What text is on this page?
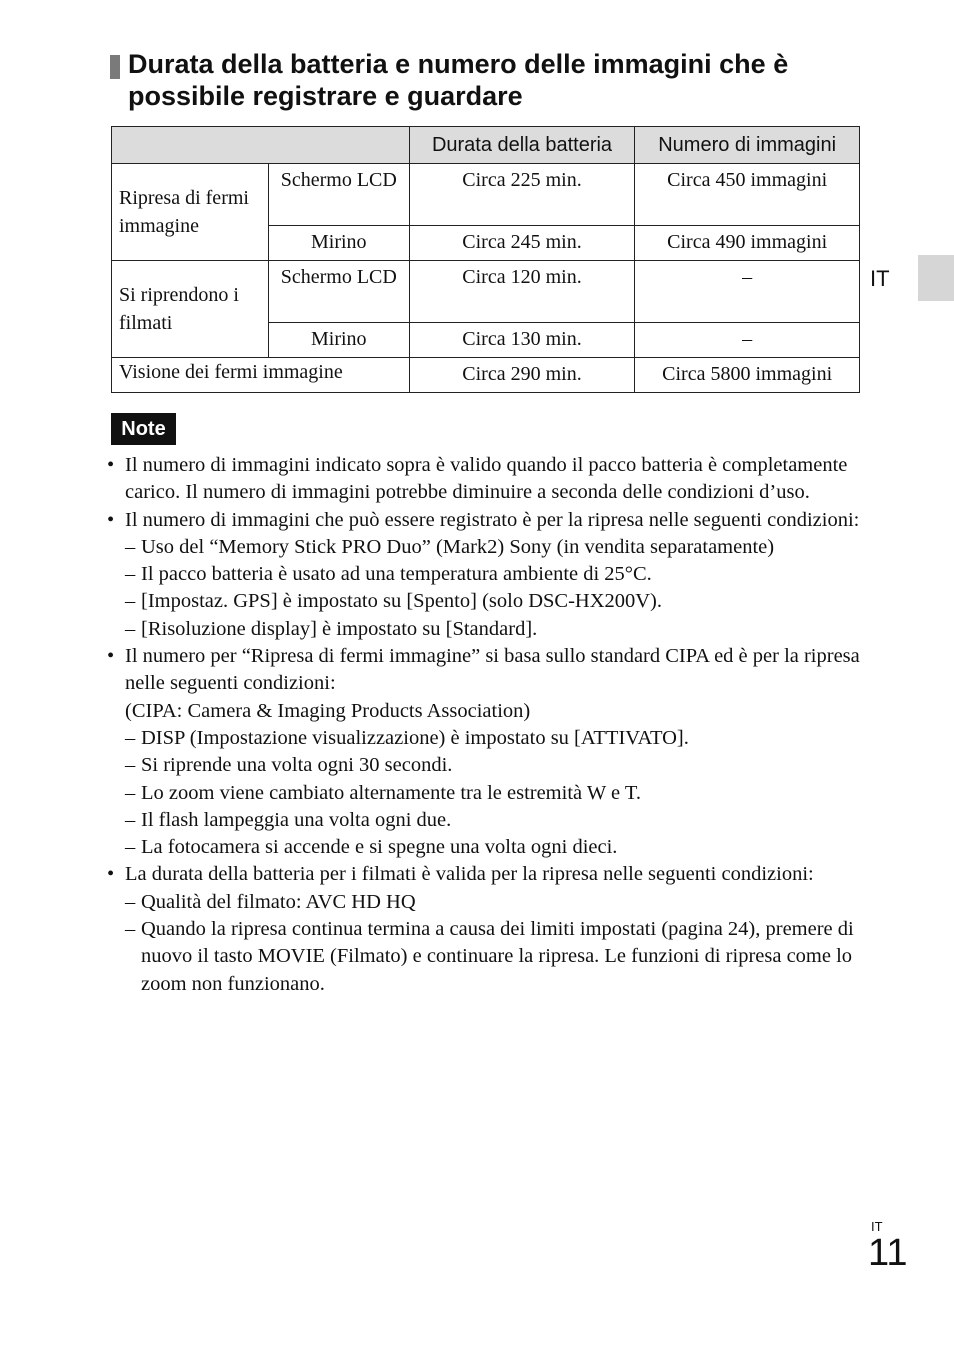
Durata della batteria e numero delle immagini che è possibile registrare e guardare
		Durata della batteria	Numero di immagini
Ripresa di fermi immagine	Schermo LCD	Circa 225 min.	Circa 450 immagini
	Mirino	Circa 245 min.	Circa 490 immagini
Si riprendono i filmati	Schermo LCD	Circa 120 min.	–
	Mirino	Circa 130 min.	–
Visione dei fermi immagine		Circa 290 min.	Circa 5800 immagini
IT
Note

• Il numero di immagini indicato sopra è valido quando il pacco batteria è completamente carico. Il numero di immagini potrebbe diminuire a seconda delle condizioni d’uso.

• Il numero di immagini che può essere registrato è per la ripresa nelle seguenti condizioni:

– Uso del “Memory Stick PRO Duo” (Mark2) Sony (in vendita separatamente)
– Il pacco batteria è usato ad una temperatura ambiente di 25°C.
– [Impostaz. GPS] è impostato su [Spento] (solo DSC-HX200V).
– [Risoluzione display] è impostato su [Standard].

• Il numero per “Ripresa di fermi immagine” si basa sullo standard CIPA ed è per la ripresa nelle seguenti condizioni:

(CIPA: Camera & Imaging Products Association)

– DISP (Impostazione visualizzazione) è impostato su [ATTIVATO].
– Si riprende una volta ogni 30 secondi.
– Lo zoom viene cambiato alternamente tra le estremità W e T.
– Il flash lampeggia una volta ogni due.
– La fotocamera si accende e si spegne una volta ogni dieci.

• La durata della batteria per i filmati è valida per la ripresa nelle seguenti condizioni:

– Qualità del filmato: AVC HD HQ
– Quando la ripresa continua termina a causa dei limiti impostati (pagina 24), premere di nuovo il tasto MOVIE (Filmato) e continuare la ripresa. Le funzioni di ripresa come lo zoom non funzionano.
IT
11
